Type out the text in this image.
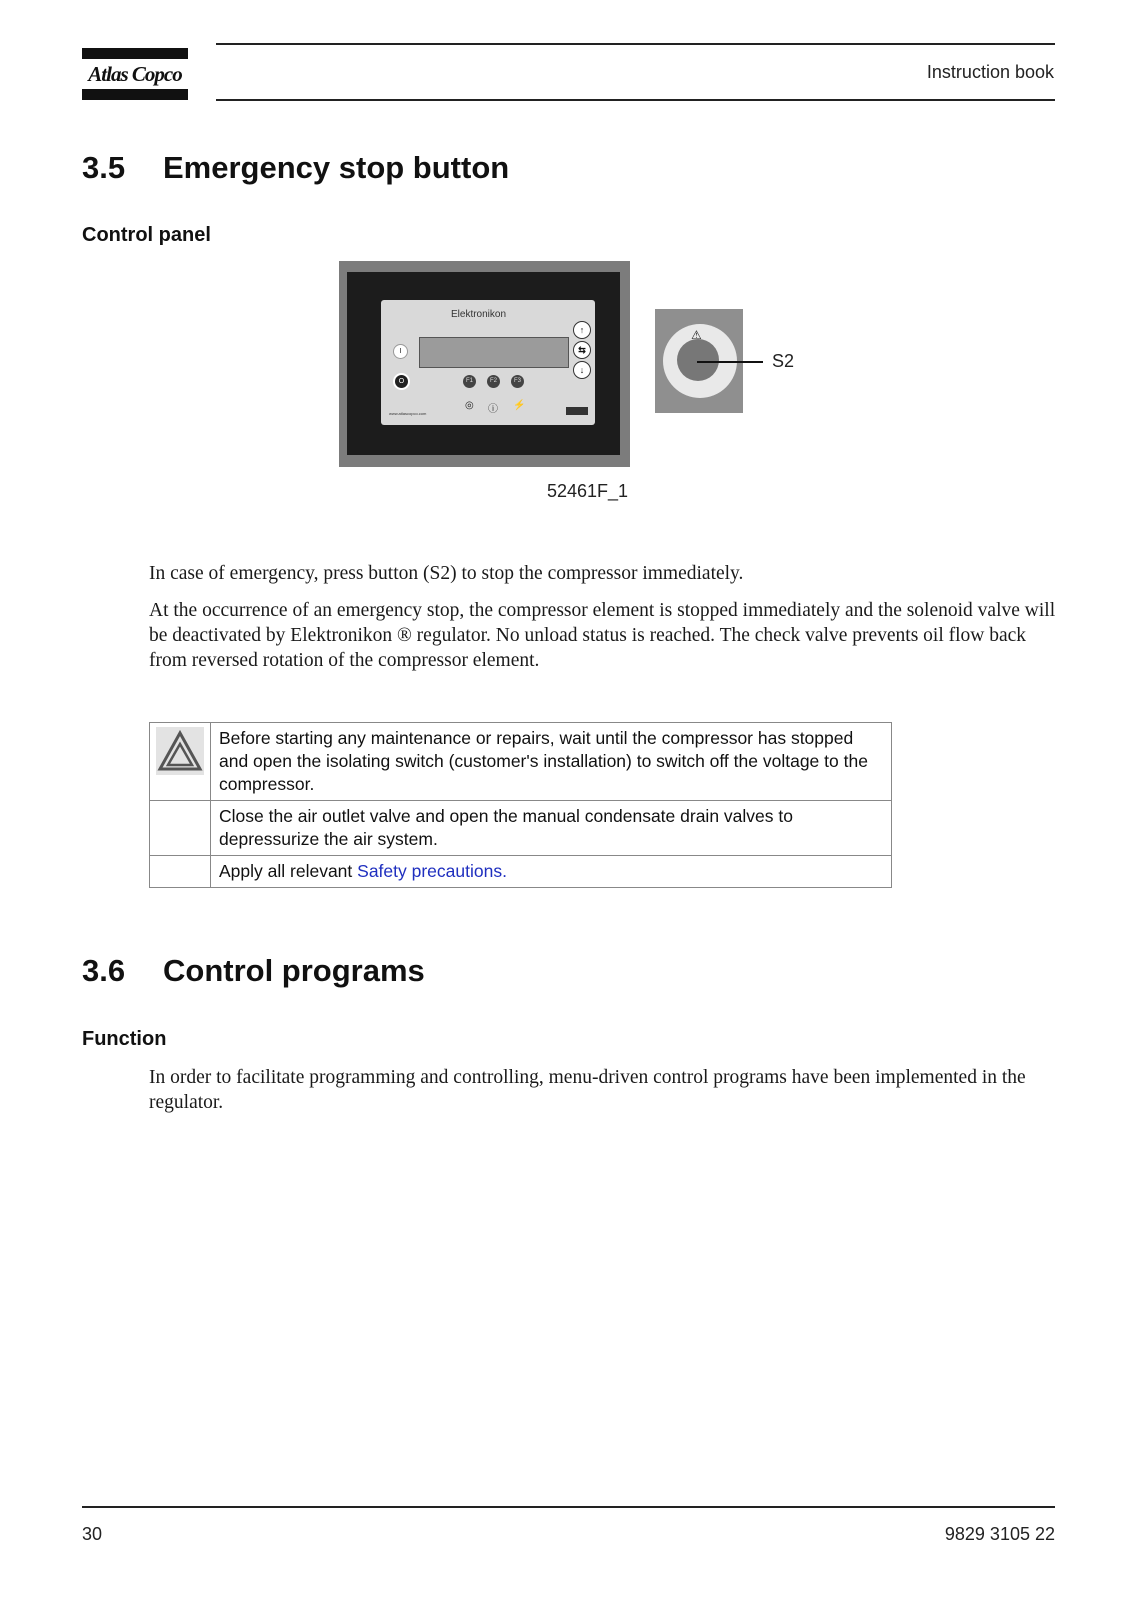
Atlas Copco	Instruction book
3.5 Emergency stop button
Control panel
Elektronikon
I
O
↑
⇆
↓
F1	F2	F3
◎ ⓘ ⚡
www.atlascopco.com
⚠
S2
52461F_1
In case of emergency, press button (S2) to stop the compressor immediately.
At the occurrence of an emergency stop, the compressor element is stopped immediately and the solenoid valve will be deactivated by Elektronikon ® regulator. No unload status is reached. The check valve prevents oil flow back from reversed rotation of the compressor element.
	Before starting any maintenance or repairs, wait until the compressor has stopped and open the isolating switch (customer's installation) to switch off the voltage to the compressor.
	Close the air outlet valve and open the manual condensate drain valves to depressurize the air system.
	Apply all relevant Safety precautions.
3.6 Control programs
Function
In order to facilitate programming and controlling, menu-driven control programs have been implemented in the regulator.
30	9829 3105 22
